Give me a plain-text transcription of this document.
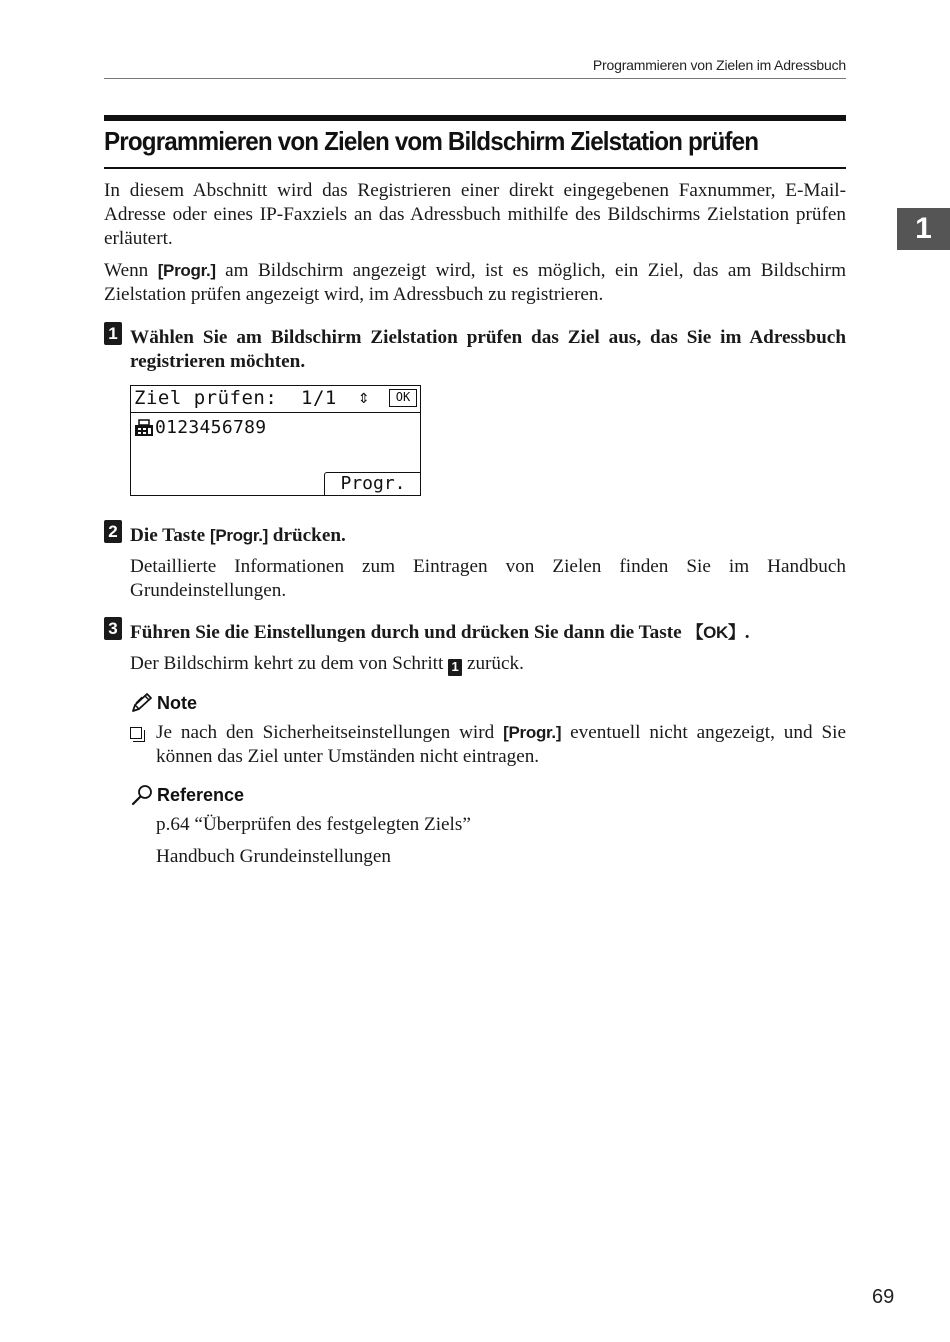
Programmieren von Zielen im Adressbuch
1
Programmieren von Zielen vom Bildschirm Zielstation prüfen

In diesem Abschnitt wird das Registrieren einer direkt eingegebenen Faxnummer, E-Mail-Adresse oder eines IP-Faxziels an das Adressbuch mithilfe des Bildschirms Zielstation prüfen erläutert.

Wenn [Progr.] am Bildschirm angezeigt wird, ist es möglich, ein Ziel, das am Bildschirm Zielstation prüfen angezeigt wird, im Adressbuch zu registrieren.

1 Wählen Sie am Bildschirm Zielstation prüfen das Ziel aus, das Sie im Adressbuch registrieren möchten.

Ziel prüfen: 1/1 ⇕	OK
0123456789
Progr.
2 Die Taste [Progr.] drücken.

Detaillierte Informationen zum Eintragen von Zielen finden Sie im Handbuch Grundeinstellungen.

3 Führen Sie die Einstellungen durch und drücken Sie dann die Taste 【OK】.

Der Bildschirm kehrt zu dem von Schritt 1 zurück.

Note

Je nach den Sicherheitseinstellungen wird [Progr.] eventuell nicht angezeigt, und Sie können das Ziel unter Umständen nicht eintragen.

Reference

p.64 “Überprüfen des festgelegten Ziels”

Handbuch Grundeinstellungen

69
